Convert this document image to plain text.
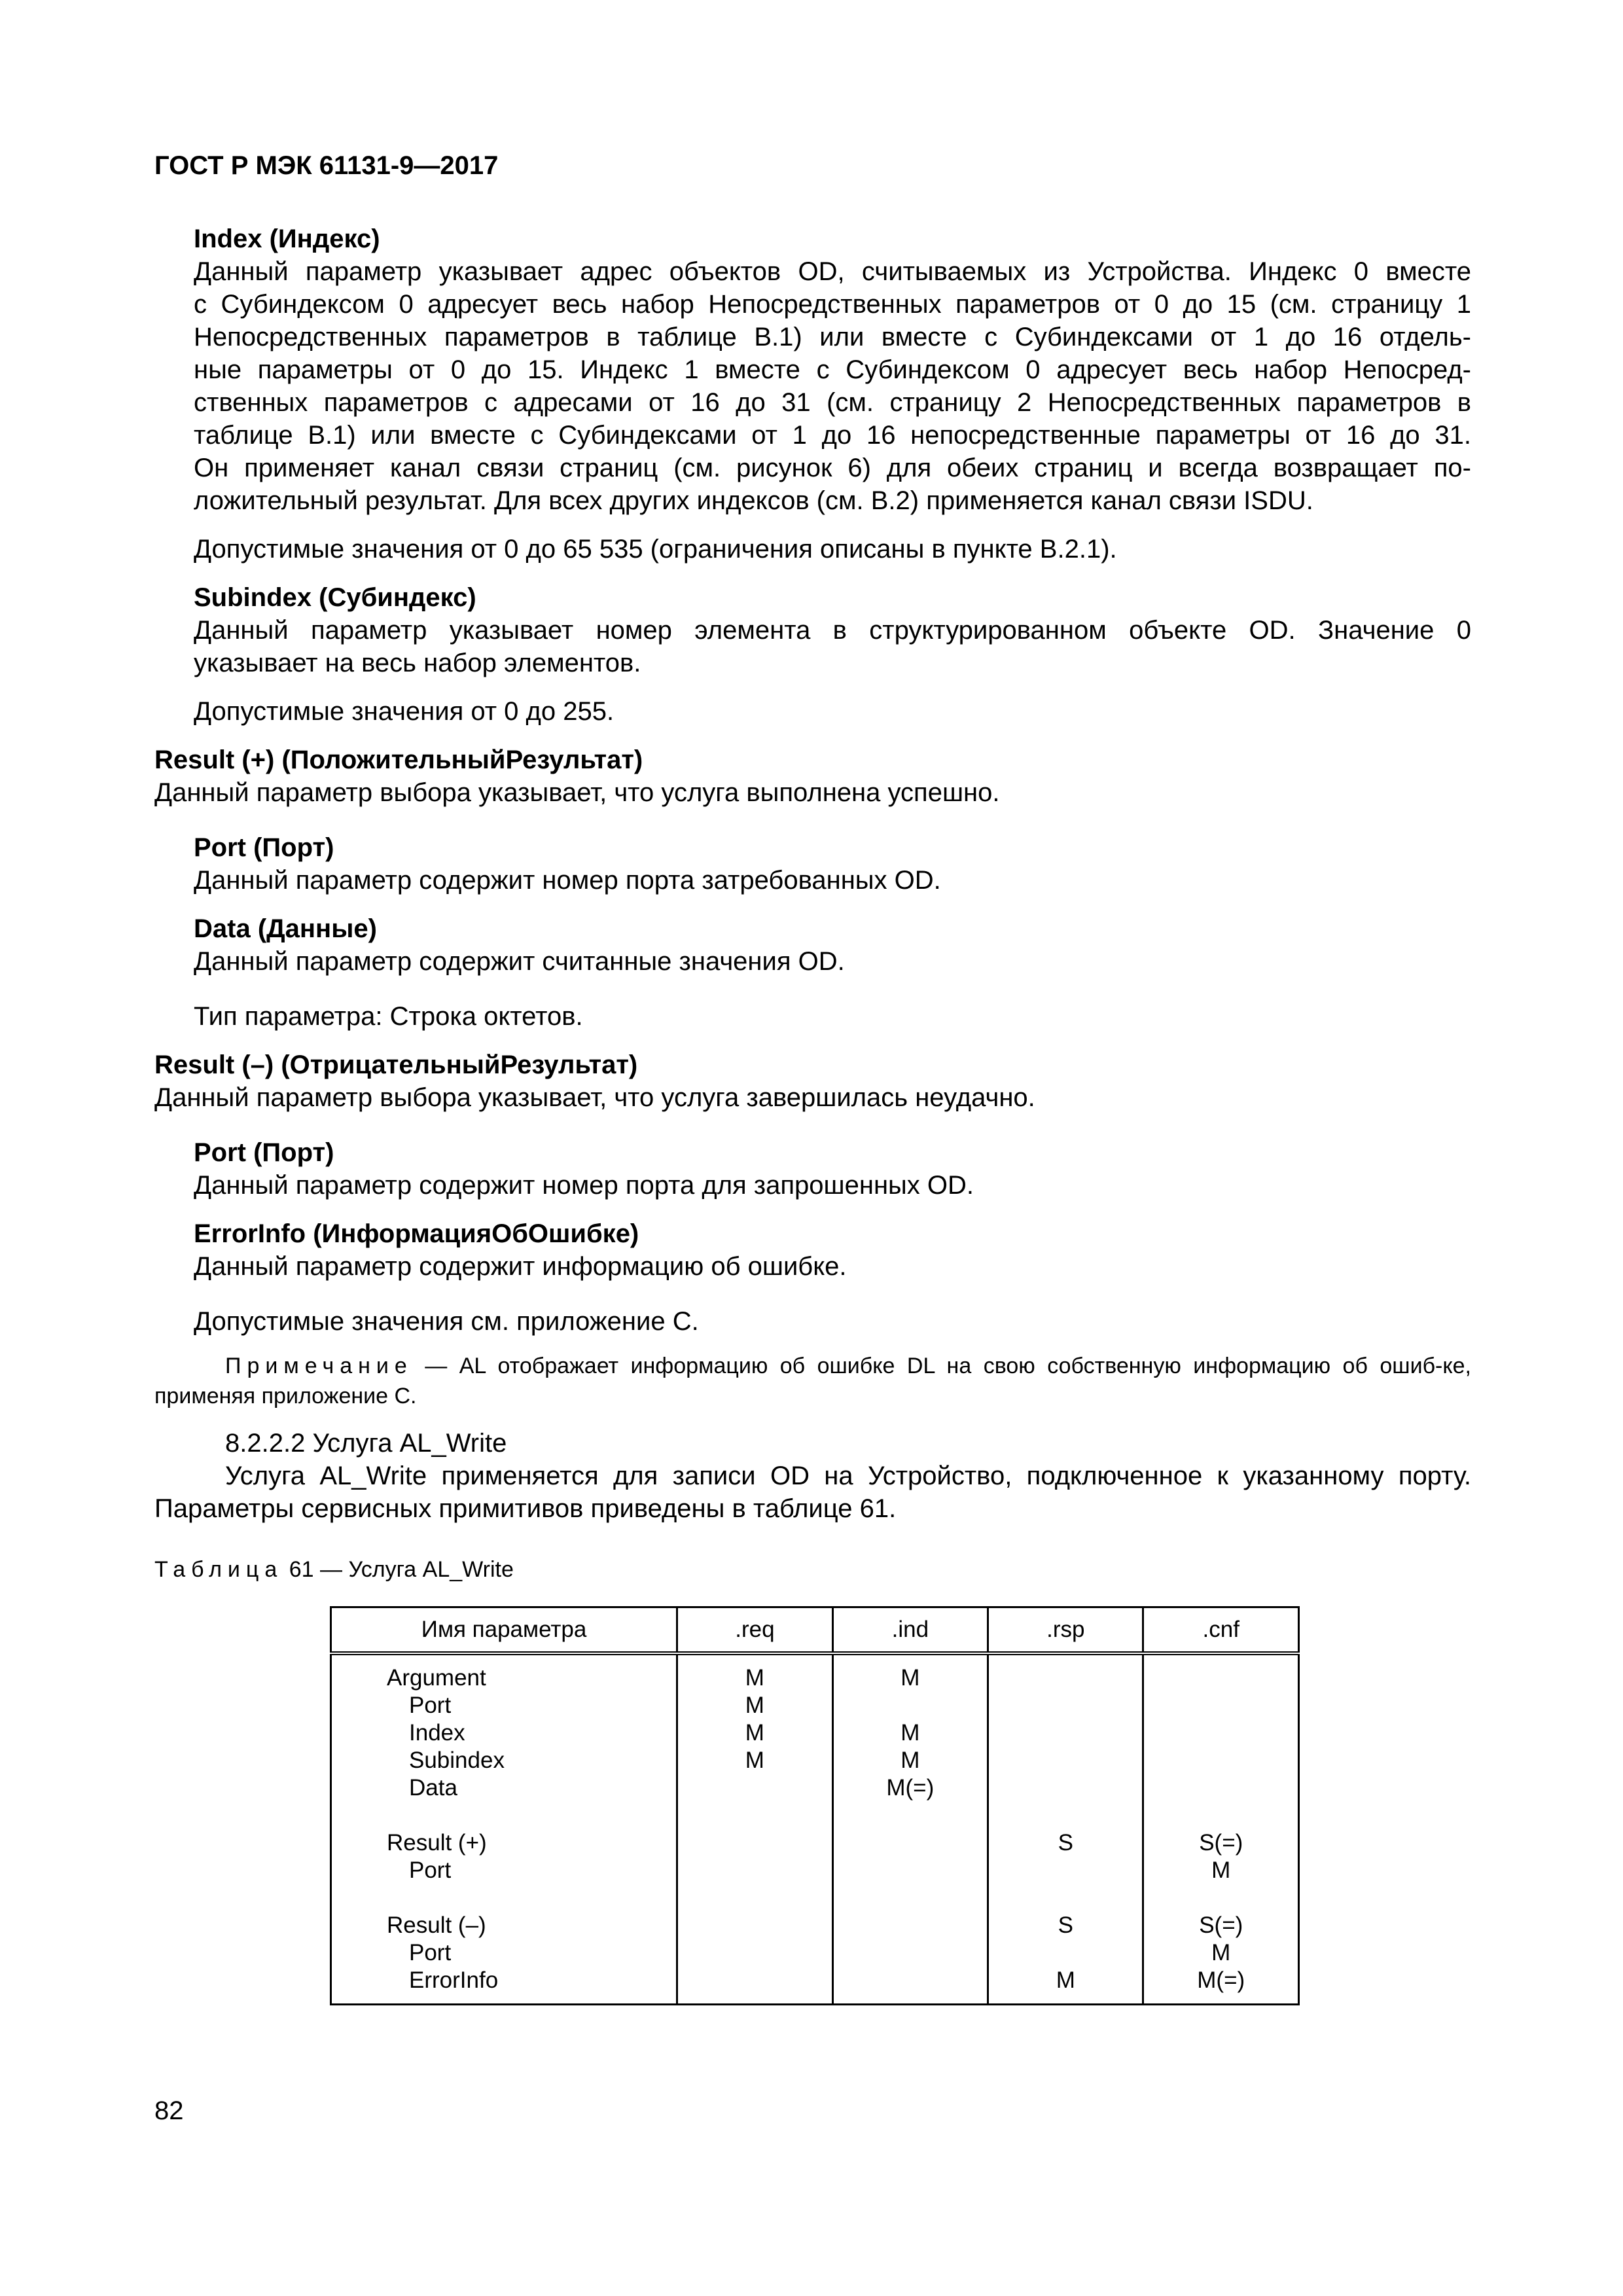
ГОСТ Р МЭК 61131-9—2017
Index (Индекс)
Данный параметр указывает адрес объектов OD, считываемых из Устройства. Индекс 0 вместе
с Субиндексом 0 адресует весь набор Непосредственных параметров от 0 до 15 (см. страницу 1
Непосредственных параметров в таблице B.1) или вместе с Субиндексами от 1 до 16 отдель-
ные параметры от 0 до 15. Индекс 1 вместе с Субиндексом 0 адресует весь набор Непосред-
ственных параметров с адресами от 16 до 31 (см. страницу 2 Непосредственных параметров в
таблице B.1) или вместе с Субиндексами от 1 до 16 непосредственные параметры от 16 до 31.
Он применяет канал связи страниц (см. рисунок 6) для обеих страниц и всегда возвращает по-
ложительный результат. Для всех других индексов (см. B.2) применяется канал связи ISDU.

Допустимые значения от 0 до 65 535 (ограничения описаны в пункте B.2.1).

Subindex (Субиндекс)
Данный параметр указывает номер элемента в структурированном объекте OD. Значение 0
указывает на весь набор элементов.

Допустимые значения от 0 до 255.

Result (+) (ПоложительныйРезультат)

Данный параметр выбора указывает, что услуга выполнена успешно.

Port (Порт)

Данный параметр содержит номер порта затребованных OD.

Data (Данные)

Данный параметр содержит считанные значения OD.

Тип параметра: Строка октетов.

Result (–) (ОтрицательныйРезультат)

Данный параметр выбора указывает, что услуга завершилась неудачно.

Port (Порт)

Данный параметр содержит номер порта для запрошенных OD.

ErrorInfo (ИнформацияОбОшибке)

Данный параметр содержит информацию об ошибке.

Допустимые значения см. приложение C.

Примечание — AL отображает информацию об ошибке DL на свою собственную информацию об ошиб-ке, применяя приложение C.

8.2.2.2 Услуга AL_Write

Услуга AL_Write применяется для записи OD на Устройство, подключенное к указанному порту. Параметры сервисных примитивов приведены в таблице 61.

Таблица 61 — Услуга AL_Write

Имя параметра	.req	.ind	.rsp	.cnf
Argument	M	M		
Port	M			
Index	M	M		
Subindex	M	M		
Data		M(=)		

Result (+)			S	S(=)
Port				M

Result (–)			S	S(=)
Port				M
ErrorInfo			M	M(=)
82
